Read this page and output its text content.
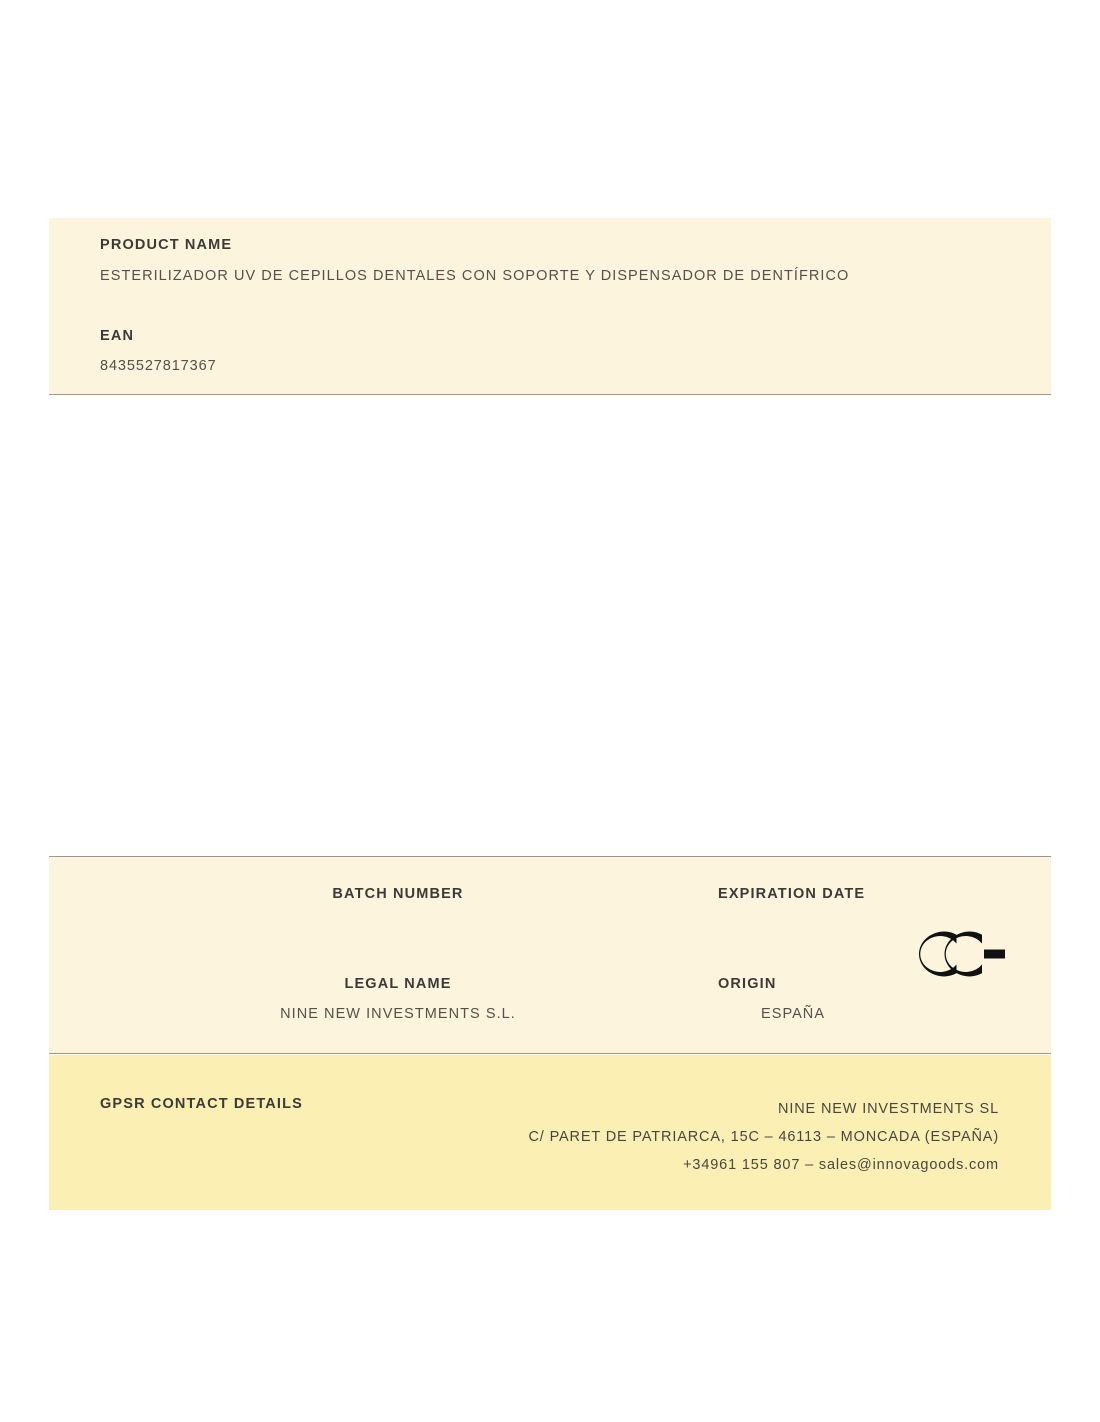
PRODUCT NAME
ESTERILIZADOR UV DE CEPILLOS DENTALES CON SOPORTE Y DISPENSADOR DE DENTÍFRICO
EAN
8435527817367
BATCH NUMBER	EXPIRATION DATE
LEGAL NAME
NINE NEW INVESTMENTS S.L.
ORIGIN
ESPAÑA
GPSR CONTACT DETAILS	NINE NEW INVESTMENTS SL
C/ PARET DE PATRIARCA, 15C – 46113 – MONCADA (ESPAÑA)
+34961 155 807 – sales@innovagoods.com
